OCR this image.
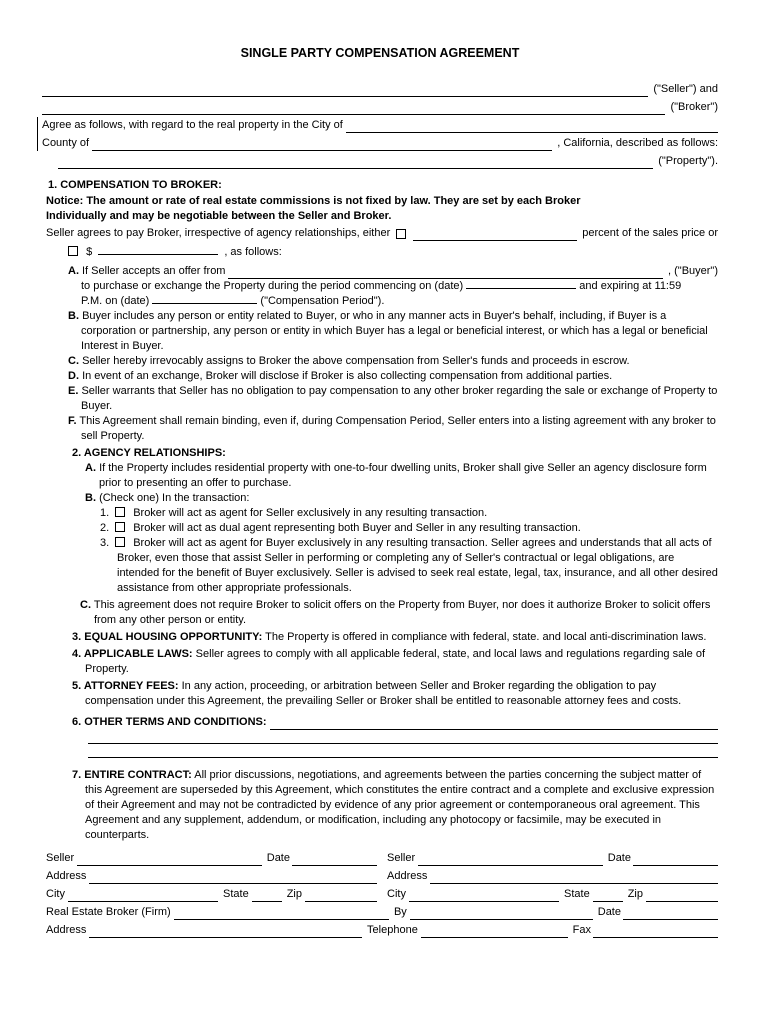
SINGLE PARTY COMPENSATION AGREEMENT
("Seller") and
("Broker")
Agree as follows, with regard to the real property in the City of
County of	, California, described as follows:
("Property").
1. COMPENSATION TO BROKER:

Notice: The amount or rate of real estate commissions is not fixed by law. They are set by each Broker Individually and may be negotiable between the Seller and Broker.

Seller agrees to pay Broker, irrespective of agency relationships, either	percent of the sales price or
$	, as follows:
A. If Seller accepts an offer from	, ("Buyer")
to purchase or exchange the Property during the period commencing on (date)	and expiring at 11:59
P.M. on (date)	("Compensation Period").

B. Buyer includes any person or entity related to Buyer, or who in any manner acts in Buyer's behalf, including, if Buyer is a corporation or partnership, any person or entity in which Buyer has a legal or beneficial interest, or which has a legal or beneficial Interest in Buyer.

C. Seller hereby irrevocably assigns to Broker the above compensation from Seller's funds and proceeds in escrow.

D. In event of an exchange, Broker will disclose if Broker is also collecting compensation from additional parties.

E. Seller warrants that Seller has no obligation to pay compensation to any other broker regarding the sale or exchange of Property to Buyer.

F. This Agreement shall remain binding, even if, during Compensation Period, Seller enters into a listing agreement with any broker to sell Property.

2. AGENCY RELATIONSHIPS:

A. If the Property includes residential property with one-to-four dwelling units, Broker shall give Seller an agency disclosure form prior to presenting an offer to purchase.

B. (Check one) In the transaction:

1. Broker will act as agent for Seller exclusively in any resulting transaction.

2. Broker will act as dual agent representing both Buyer and Seller in any resulting transaction.

3. Broker will act as agent for Buyer exclusively in any resulting transaction. Seller agrees and understands that all acts of Broker, even those that assist Seller in performing or completing any of Seller's contractual or legal obligations, are intended for the benefit of Buyer exclusively. Seller is advised to seek real estate, legal, tax, insurance, and all other desired assistance from other appropriate professionals.

C. This agreement does not require Broker to solicit offers on the Property from Buyer, nor does it authorize Broker to solicit offers from any other person or entity.

3. EQUAL HOUSING OPPORTUNITY: The Property is offered in compliance with federal, state. and local anti-discrimination laws.

4. APPLICABLE LAWS: Seller agrees to comply with all applicable federal, state, and local laws and regulations regarding sale of Property.

5. ATTORNEY FEES: In any action, proceeding, or arbitration between Seller and Broker regarding the obligation to pay compensation under this Agreement, the prevailing Seller or Broker shall be entitled to reasonable attorney fees and costs.

6. OTHER TERMS AND CONDITIONS:

7. ENTIRE CONTRACT: All prior discussions, negotiations, and agreements between the parties concerning the subject matter of this Agreement are superseded by this Agreement, which constitutes the entire contract and a complete and exclusive expression of their Agreement and may not be contradicted by evidence of any prior agreement or contemporaneous oral agreement. This Agreement and any supplement, addendum, or modification, including any photocopy or facsimile, may be executed in counterparts.

Seller	Date	Seller	Date
Address	Address
City	State	Zip	City	State	Zip
Real Estate Broker (Firm)	By	Date
Address	Telephone	Fax
